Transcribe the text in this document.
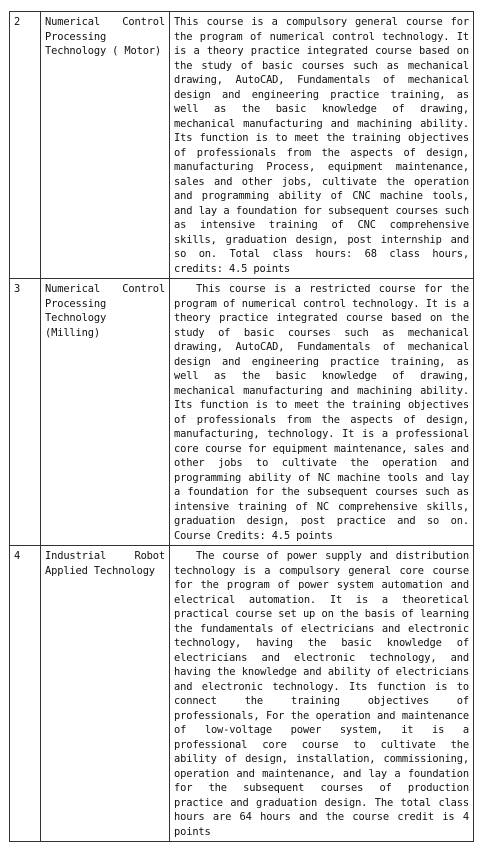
2	Numerical Control Processing Technology ( Motor)	This course is a compulsory general course for the program of numerical control technology. It is a theory practice integrated course based on the study of basic courses such as mechanical drawing, AutoCAD, Fundamentals of mechanical design and engineering practice training, as well as the basic knowledge of drawing, mechanical manufacturing and machining ability. Its function is to meet the training objectives of professionals from the aspects of design, manufacturing Process, equipment maintenance, sales and other jobs, cultivate the operation and programming ability of CNC machine tools, and lay a foundation for subsequent courses such as intensive training of CNC comprehensive skills, graduation design, post internship and so on. Total class hours: 68 class hours, credits: 4.5 points
3	Numerical Control Processing Technology (Milling)	This course is a restricted course for the program of numerical control technology. It is a theory practice integrated course based on the study of basic courses such as mechanical drawing, AutoCAD, Fundamentals of mechanical design and engineering practice training, as well as the basic knowledge of drawing, mechanical manufacturing and machining ability. Its function is to meet the training objectives of professionals from the aspects of design, manufacturing, technology. It is a professional core course for equipment maintenance, sales and other jobs to cultivate the operation and programming ability of NC machine tools and lay a foundation for the subsequent courses such as intensive training of NC comprehensive skills, graduation design, post practice and so on. Course Credits: 4.5 points
4	Industrial Robot Applied Technology	The course of power supply and distribution technology is a compulsory general core course for the program of power system automation and electrical automation. It is a theoretical practical course set up on the basis of learning the fundamentals of electricians and electronic technology, having the basic knowledge of electricians and electronic technology, and having the knowledge and ability of electricians and electronic technology. Its function is to connect the training objectives of professionals, For the operation and maintenance of low-voltage power system, it is a professional core course to cultivate the ability of design, installation, commissioning, operation and maintenance, and lay a foundation for the subsequent courses of production practice and graduation design. The total class hours are 64 hours and the course credit is 4 points
